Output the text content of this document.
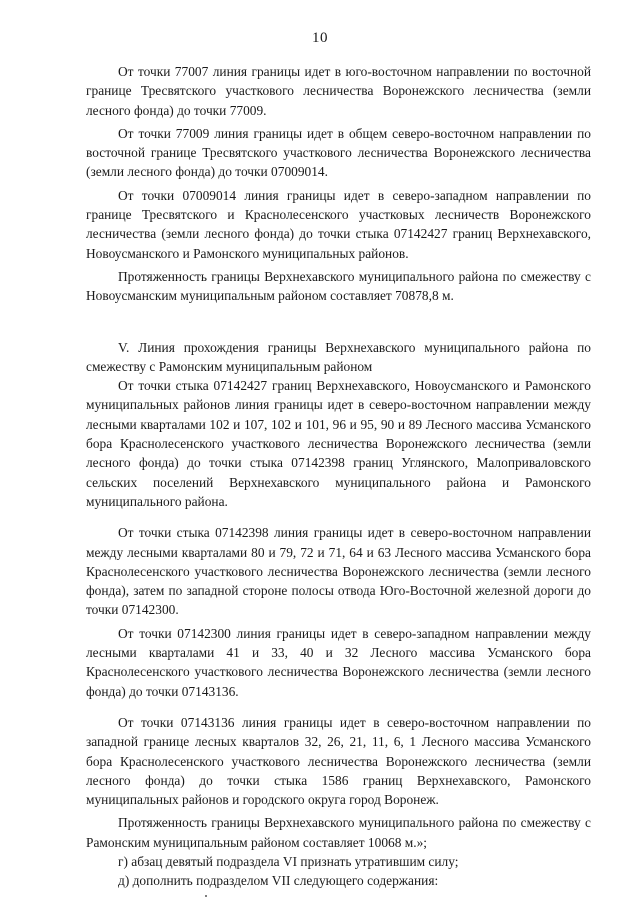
10

От точки 77007 линия границы идет в юго-восточном направлении по восточной границе Тресвятского участкового лесничества Воронежского лесничества (земли лесного фонда) до точки 77009.

От точки 77009 линия границы идет в общем северо-восточном направлении по восточной границе Тресвятского участкового лесничества Воронежского лесничества (земли лесного фонда) до точки 07009014.

От точки 07009014 линия границы идет в северо-западном направлении по границе Тресвятского и Краснолесенского участковых лесничеств Воронежского лесничества (земли лесного фонда) до точки стыка 07142427 границ Верхнехавского, Новоусманского и Рамонского муниципальных районов.

Протяженность границы Верхнехавского муниципального района по смежеству с Новоусманским муниципальным районом составляет 70878,8 м.

V. Линия прохождения границы Верхнехавского муниципального района по смежеству с Рамонским муниципальным районом

От точки стыка 07142427 границ Верхнехавского, Новоусманского и Рамонского муниципальных районов линия границы идет в северо-восточном направлении между лесными кварталами 102 и 107, 102 и 101, 96 и 95, 90 и 89 Лесного массива Усманского бора Краснолесенского участкового лесничества Воронежского лесничества (земли лесного фонда) до точки стыка 07142398 границ Углянского, Малоприваловского сельских поселений Верхнехавского муниципального района и Рамонского муниципального района.

От точки стыка 07142398 линия границы идет в северо-восточном направлении между лесными кварталами 80 и 79, 72 и 71, 64 и 63 Лесного массива Усманского бора Краснолесенского участкового лесничества Воронежского лесничества (земли лесного фонда), затем по западной стороне полосы отвода Юго-Восточной железной дороги до точки 07142300.

От точки 07142300 линия границы идет в северо-западном направлении между лесными кварталами 41 и 33, 40 и 32 Лесного массива Усманского бора Краснолесенского участкового лесничества Воронежского лесничества (земли лесного фонда) до точки 07143136.

От точки 07143136 линия границы идет в северо-восточном направлении по западной границе лесных кварталов 32, 26, 21, 11, 6, 1 Лесного массива Усманского бора Краснолесенского участкового лесничества Воронежского лесничества (земли лесного фонда) до точки стыка 1586 границ Верхнехавского, Рамонского муниципальных районов и городского округа город Воронеж.

Протяженность границы Верхнехавского муниципального района по смежеству с Рамонским муниципальным районом составляет 10068 м.»;

г) абзац девятый подраздела VI признать утратившим силу;

д) дополнить подразделом VII следующего содержания:
